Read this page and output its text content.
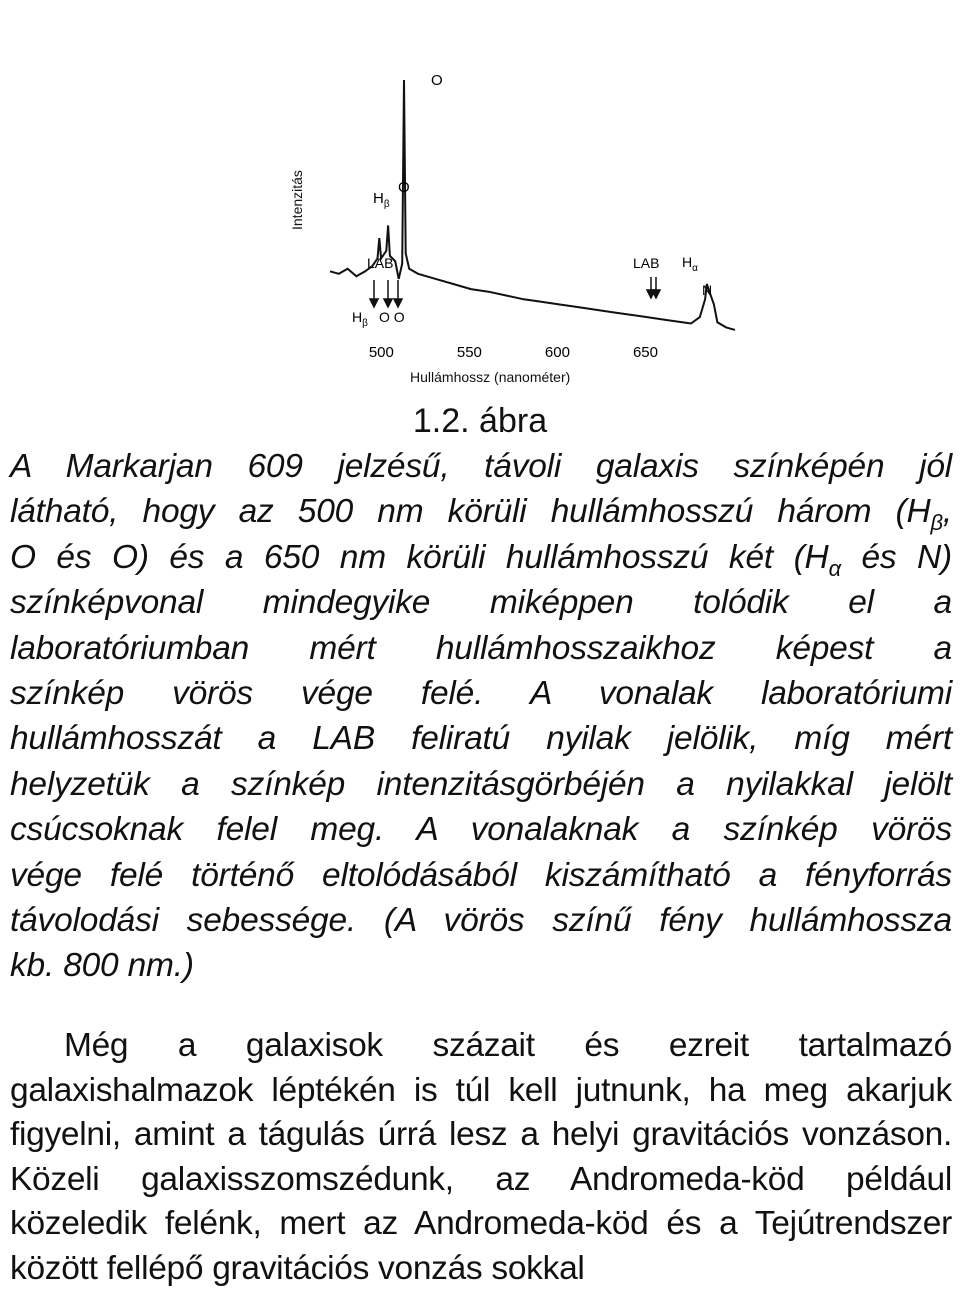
Intenzitás
500	550	600	650
Hullámhossz (nanométer)
O
O
$H_\beta$
LAB
$H_\beta$ O O
LAB $H_\alpha$
N
1.2. ábra
A Markarjan 609 jelzésű, távoli galaxis színképén jól
látható, hogy az 500 nm körüli hullámhosszú három ($H_\beta$,
O és O) és a 650 nm körüli hullámhosszú két ($H_\alpha$ és N)
színképvonal mindegyike miképpen tolódik el a
laboratóriumban mért hullámhosszaikhoz képest a
színkép vörös vége felé. A vonalak laboratóriumi
hullámhosszát a LAB feliratú nyilak jelölik, míg mért
helyzetük a színkép intenzitásgörbéjén a nyilakkal jelölt
csúcsoknak felel meg. A vonalaknak a színkép vörös
vége felé történő eltolódásából kiszámítható a fényforrás
távolodási sebessége. (A vörös színű fény hullámhossza
kb. 800 nm.)
Még a galaxisok százait és ezreit tartalmazó galaxishalmazok léptékén is túl kell jutnunk, ha meg akarjuk figyelni, amint a tágulás úrrá lesz a helyi gravitációs vonzáson. Közeli galaxisszomszédunk, az Andromeda-köd például közeledik felénk, mert az Andromeda-köd és a Tejútrendszer között fellépő gravitációs vonzás sokkal
